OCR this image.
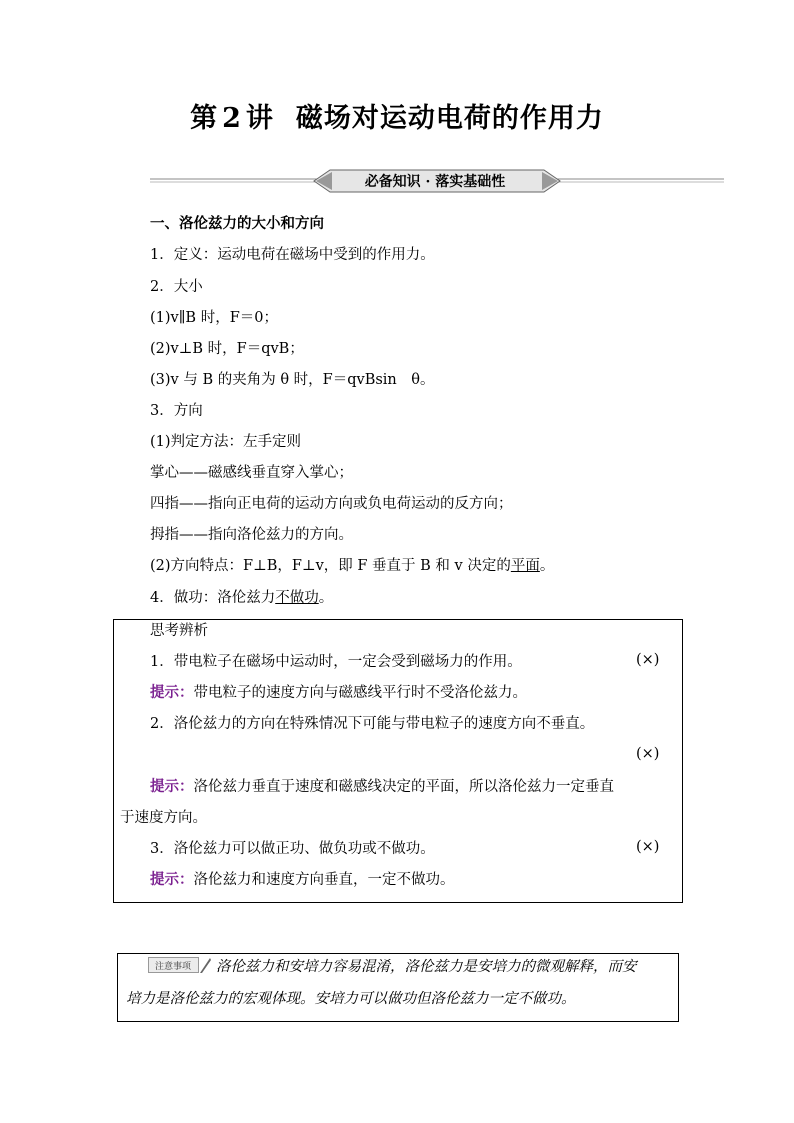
第 2 讲 磁场对运动电荷的作用力
必备知识 · 落实基础性
一、洛伦兹力的大小和方向
1．定义：运动电荷在磁场中受到的作用力。
2．大小
(1)v∥B 时，F＝0；
(2)v⊥B 时，F＝qvB；
(3)v 与 B 的夹角为 θ 时，F＝qvBsin　θ。
3．方向
(1)判定方法：左手定则
掌心——磁感线垂直穿入掌心；
四指——指向正电荷的运动方向或负电荷运动的反方向；
拇指——指向洛伦兹力的方向。
(2)方向特点：F⊥B，F⊥v，即 F 垂直于 B 和 v 决定的平面。
4．做功：洛伦兹力不做功。
思考辨析
1．带电粒子在磁场中运动时，一定会受到磁场力的作用。	(×)
提示：带电粒子的速度方向与磁感线平行时不受洛伦兹力。
2．洛伦兹力的方向在特殊情况下可能与带电粒子的速度方向不垂直。
(×)
提示：洛伦兹力垂直于速度和磁感线决定的平面，所以洛伦兹力一定垂直
于速度方向。
3．洛伦兹力可以做正功、做负功或不做功。	(×)
提示：洛伦兹力和速度方向垂直，一定不做功。
注意事项 洛伦兹力和安培力容易混淆，洛伦兹力是安培力的微观解释，而安
培力是洛伦兹力的宏观体现。安培力可以做功但洛伦兹力一定不做功。
